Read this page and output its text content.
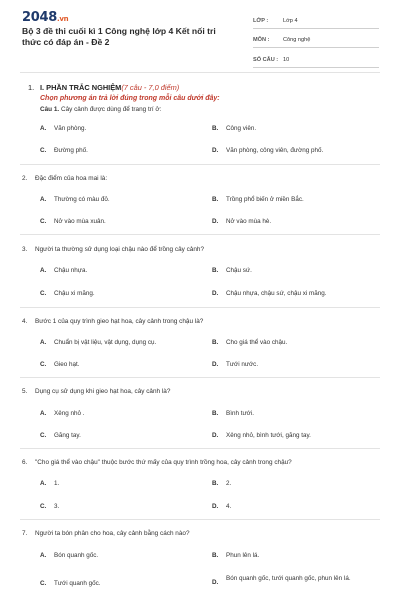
2048.vn
Bộ 3 đề thi cuối kì 1 Công nghệ lớp 4 Kết nối tri thức có đáp án - Đề 2
LỚP :	Lớp 4
MÔN :	Công nghệ
SỐ CÂU : 10
1. I. PHẦN TRẮC NGHIỆM(7 câu - 7,0 điểm)
Chọn phương án trả lời đúng trong mỗi câu dưới đây:
Câu 1. Cây cảnh được dùng để trang trí ở:
A.	Văn phòng.	B.	Công viên.
C.	Đường phố.	D.	Văn phòng, công viên, đường phố.
2. Đặc điểm của hoa mai là:
A.	Thường có màu đỏ.	B.	Trồng phổ biến ở miền Bắc.
C.	Nở vào mùa xuân.	D.	Nở vào mùa hè.
3. Người ta thường sử dụng loại chậu nào để trồng cây cảnh?
A.	Chậu nhựa.	B.	Chậu sứ.
C.	Chậu xi măng.	D.	Chậu nhựa, chậu sứ, chậu xi măng.
4. Bước 1 của quy trình gieo hạt hoa, cây cảnh trong chậu là?
A.	Chuẩn bị vật liệu, vật dụng, dụng cụ.	B.	Cho giá thể vào chậu.
C.	Gieo hạt.	D.	Tưới nước.
5. Dụng cụ sử dụng khi gieo hạt hoa, cây cảnh là?
A.	Xẻng nhỏ .	B.	Bình tưới.
C.	Găng tay.	D.	Xẻng nhỏ, bình tưới, găng tay.
6. "Cho giá thể vào chậu" thuộc bước thứ mấy của quy trình trồng hoa, cây cảnh trong chậu?
A.	1.	B.	2.
C.	3.	D.	4.
7. Người ta bón phân cho hoa, cây cảnh bằng cách nào?
A.	Bón quanh gốc.	B.	Phun lên lá.
C.	Tưới quanh gốc.	D.
Bón quanh gốc, tưới quanh gốc, phun lên lá.
